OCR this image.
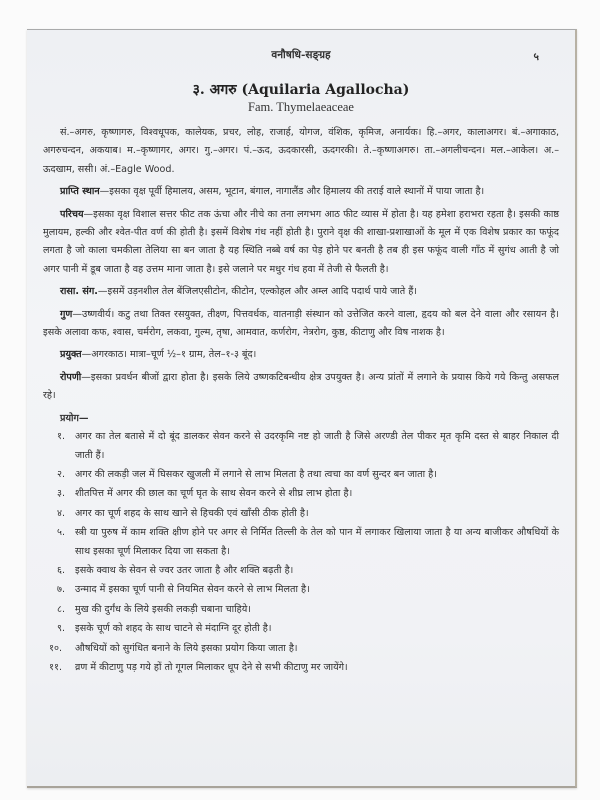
वनौषधि-सङ्ग्रह	५
३. अगरु (Aquilaria Agallocha)
Fam. Thymelaeaceae

सं.–अगरु, कृष्णागरु, विश्वधूपक, कालेयक, प्रचर, लोह, राजार्ह, योगज, वंशिक, कृमिज, अनार्यक। हि.–अगर, कालाअगर। बं.–अगाकाठ, अगरुचन्दन, अकयाब। म.–कृष्णागर, अगर। गु.–अगर। पं.–ऊद, ऊदकारसी, ऊदगरकी। ते.–कृष्णाअगरु। ता.–अगलीचन्दन। मल.–आकेल। अ.–ऊदखाम, ससी। अं.–Eagle Wood.

प्राप्ति स्थान—इसका वृक्ष पूर्वी हिमालय, असम, भूटान, बंगाल, नागालैंड और हिमालय की तराई वाले स्थानों में पाया जाता है।

परिचय—इसका वृक्ष विशाल सत्तर फीट तक ऊंचा और नीचे का तना लगभग आठ फीट व्यास में होता है। यह हमेशा हराभरा रहता है। इसकी काष्ठ मुलायम, हल्की और श्वेत-पीत वर्ण की होती है। इसमें विशेष गंध नहीं होती है। पुराने वृक्ष की शाखा-प्रशाखाओं के मूल में एक विशेष प्रकार का फफूंद लगता है जो काला चमकीला तेलिया सा बन जाता है यह स्थिति नब्बे वर्ष का पेड़ होने पर बनती है तब ही इस फफूंद वाली गाँठ में सुगंध आती है जो अगर पानी में डूब जाता है वह उत्तम माना जाता है। इसे जलाने पर मधुर गंध हवा में तेजी से फैलती है।

रासा. संग.—इसमें उड़नशील तेल बेंजिलएसीटोन, कीटोन, एल्कोहल और अम्ल आदि पदार्थ पाये जाते हैं।

गुण—उष्णवीर्य। कटु तथा तिक्त रसयुक्त, तीक्ष्ण, पित्तवर्धक, वातनाड़ी संस्थान को उत्तेजित करने वाला, हृदय को बल देने वाला और रसायन है। इसके अलावा कफ, श्वास, चर्मरोग, लकवा, गुल्म, तृषा, आमवात, कर्णरोग, नेत्ररोग, कुष्ठ, कीटाणु और विष नाशक है।

प्रयुक्त—अगरकाठ। मात्रा–चूर्ण ½–१ ग्राम, तेल–१-३ बूंद।

रोपणी—इसका प्रवर्धन बीजों द्वारा होता है। इसके लिये उष्णकटिबन्धीय क्षेत्र उपयुक्त है। अन्य प्रांतों में लगाने के प्रयास किये गये किन्तु असफल रहे।

प्रयोग—
१. अगर का तेल बतासे में दो बूंद डालकर सेवन करने से उदरकृमि नष्ट हो जाती है जिसे अरण्डी तेल पीकर मृत कृमि दस्त से बाहर निकाल दी जाती हैं।
२. अगर की लकड़ी जल में घिसकर खुजली में लगाने से लाभ मिलता है तथा त्वचा का वर्ण सुन्दर बन जाता है।
३. शीतपित्त में अगर की छाल का चूर्ण घृत के साथ सेवन करने से शीघ्र लाभ होता है।
४. अगर का चूर्ण शहद के साथ खाने से हिचकी एवं खाँसी ठीक होती है।
५. स्त्री या पुरुष में काम शक्ति क्षीण होने पर अगर से निर्मित तिल्ली के तेल को पान में लगाकर खिलाया जाता है या अन्य बाजीकर औषधियों के साथ इसका चूर्ण मिलाकर दिया जा सकता है।
६. इसके क्वाथ के सेवन से ज्वर उतर जाता है और शक्ति बढ़ती है।
७. उन्माद में इसका चूर्ण पानी से नियमित सेवन करने से लाभ मिलता है।
८. मुख की दुर्गंध के लिये इसकी लकड़ी चबाना चाहिये।
९. इसके चूर्ण को शहद के साथ चाटने से मंदाग्नि दूर होती है।
१०. औषधियों को सुगंधित बनाने के लिये इसका प्रयोग किया जाता है।
११. व्रण में कीटाणु पड़ गये हों तो गूगल मिलाकर धूप देने से सभी कीटाणु मर जायेंगे।
